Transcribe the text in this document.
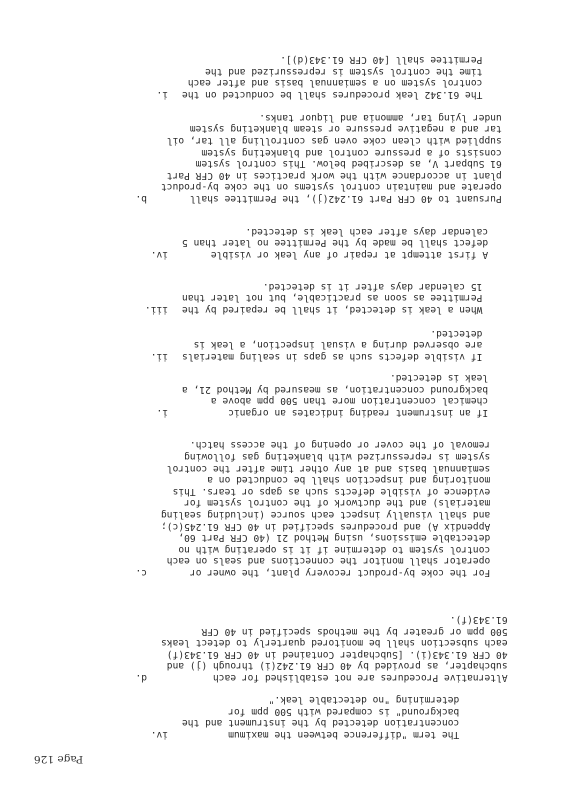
Page 126
iv.	The term "difference between the maximum
concentration detected by the instrument and the
background" is compared with 500 ppm for
determining "no detectable leak."
d.	Alternative Procedures are not established for each
subchapter, as provided by 40 CFR 61.242(i) through (j) and
40 CFR 61.343(i). [Subchapter Contained in 40 CFR 61.343(f)
each subsection shall be monitored quarterly to detect leaks
500 ppm or greater by the methods specified in 40 CFR
61.343(f).
c.	For the coke by-product recovery plant, the owner or
operator shall monitor the connections and seals on each
control system to determine if it is operating with no
detectable emissions, using Method 21 (40 CFR Part 60,
Appendix A) and procedures specified in 40 CFR 61.245(c);
and shall visually inspect each source (including sealing
materials) and the ductwork of the control system for
evidence of visible defects such as gaps or tears. This
monitoring and inspection shall be conducted on a
semiannual basis and at any other time after the control
system is repressurized with blanketing gas following
removal of the cover or opening of the access hatch.
i.	If an instrument reading indicates an organic
chemical concentration more than 500 ppm above a
background concentration, as measured by Method 21, a
leak is detected.
ii. If visible defects such as gaps in sealing materials
are observed during a visual inspection, a leak is
detected.
iii. When a leak is detected, it shall be repaired by the
Permittee as soon as practicable, but not later than
15 calendar days after it is detected.
iv.	A first attempt at repair of any leak or visible
defect shall be made by the Permittee no later than 5
calendar days after each leak is detected.
b.	Pursuant to 40 CFR Part 61.242(j), the Permittee shall
operate and maintain control systems on the coke by-product
plant in accordance with the work practices in 40 CFR Part
61 Subpart V, as described below. This control system
consists of a pressure control and blanketing system
supplied with clean coke oven gas controlling all tar, oil
tar and a negative pressure or steam blanketing system
under lying tar, ammonia and liquor tanks.
i. The 61.342 leak procedures shall be conducted on the
control system on a semiannual basis and after each
time the control system is repressurized and the
Permittee shall [40 CFR 61.343(d)].
